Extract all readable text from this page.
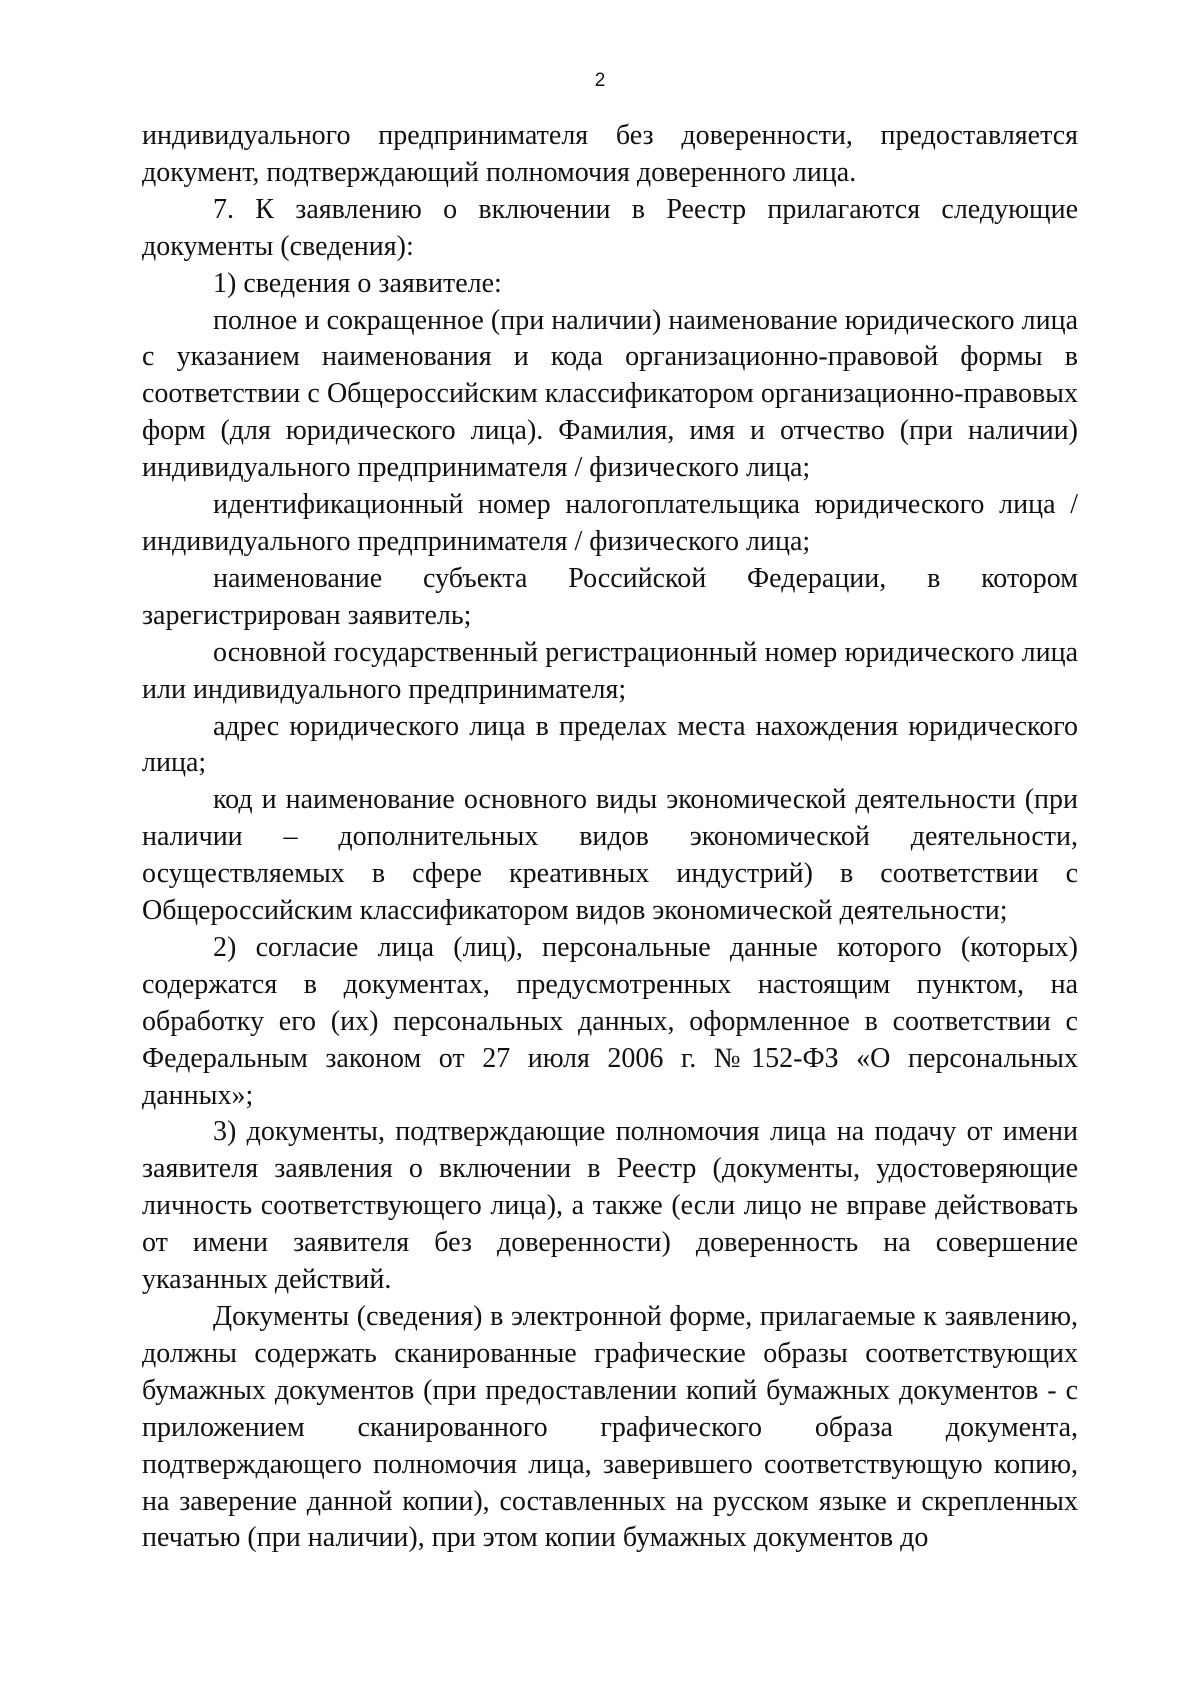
2

индивидуального предпринимателя без доверенности, предоставляется документ, подтверждающий полномочия доверенного лица.

7. К заявлению о включении в Реестр прилагаются следующие документы (сведения):

1) сведения о заявителе:

полное и сокращенное (при наличии) наименование юридического лица с указанием наименования и кода организационно-правовой формы в соответствии с Общероссийским классификатором организационно-правовых форм (для юридического лица). Фамилия, имя и отчество (при наличии) индивидуального предпринимателя / физического лица;

идентификационный номер налогоплательщика юридического лица / индивидуального предпринимателя / физического лица;

наименование субъекта Российской Федерации, в котором зарегистрирован заявитель;

основной государственный регистрационный номер юридического лица или индивидуального предпринимателя;

адрес юридического лица в пределах места нахождения юридического лица;

код и наименование основного виды экономической деятельности (при наличии – дополнительных видов экономической деятельности, осуществляемых в сфере креативных индустрий) в соответствии с Общероссийским классификатором видов экономической деятельности;

2) согласие лица (лиц), персональные данные которого (которых) содержатся в документах, предусмотренных настоящим пунктом, на обработку его (их) персональных данных, оформленное в соответствии с Федеральным законом от 27 июля 2006 г. №152-ФЗ «О персональных данных»;

3) документы, подтверждающие полномочия лица на подачу от имени заявителя заявления о включении в Реестр (документы, удостоверяющие личность соответствующего лица), а также (если лицо не вправе действовать от имени заявителя без доверенности) доверенность на совершение указанных действий.

Документы (сведения) в электронной форме, прилагаемые к заявлению, должны содержать сканированные графические образы соответствующих бумажных документов (при предоставлении копий бумажных документов - с приложением сканированного графического образа документа, подтверждающего полномочия лица, заверившего соответствующую копию, на заверение данной копии), составленных на русском языке и скрепленных печатью (при наличии), при этом копии бумажных документов до
